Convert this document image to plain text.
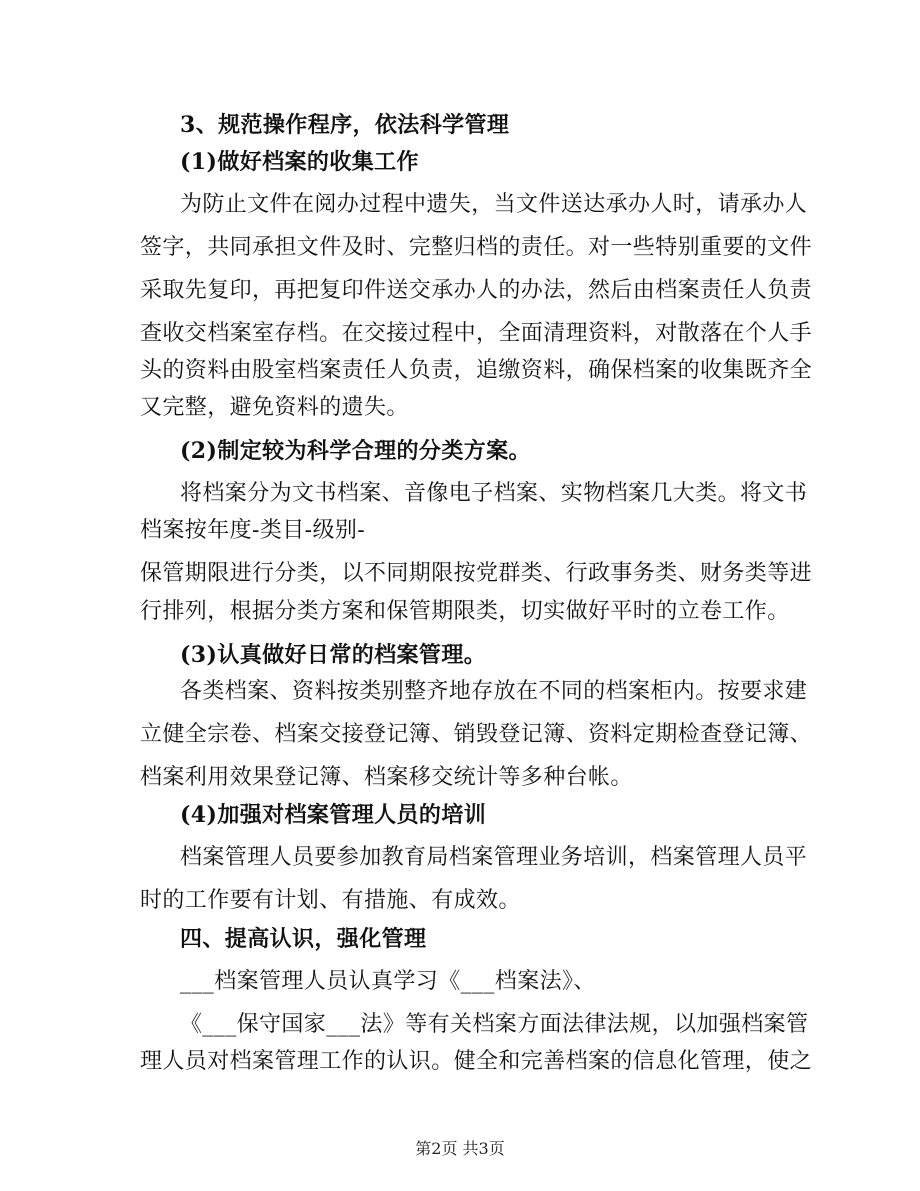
3、规范操作程序，依法科学管理
(1)做好档案的收集工作
为防止文件在阅办过程中遗失，当文件送达承办人时，请承办人
签字，共同承担文件及时、完整归档的责任。对一些特别重要的文件
采取先复印，再把复印件送交承办人的办法，然后由档案责任人负责
查收交档案室存档。在交接过程中，全面清理资料，对散落在个人手
头的资料由股室档案责任人负责，追缴资料，确保档案的收集既齐全
又完整，避免资料的遗失。
(2)制定较为科学合理的分类方案。
将档案分为文书档案、音像电子档案、实物档案几大类。将文书
档案按年度-类目-级别-
保管期限进行分类，以不同期限按党群类、行政事务类、财务类等进
行排列，根据分类方案和保管期限类，切实做好平时的立卷工作。
(3)认真做好日常的档案管理。
各类档案、资料按类别整齐地存放在不同的档案柜内。按要求建
立健全宗卷、档案交接登记簿、销毁登记簿、资料定期检查登记簿、
档案利用效果登记簿、档案移交统计等多种台帐。
(4)加强对档案管理人员的培训
档案管理人员要参加教育局档案管理业务培训，档案管理人员平
时的工作要有计划、有措施、有成效。
四、提高认识，强化管理
___档案管理人员认真学习《___档案法》、
《___保守国家___法》等有关档案方面法律法规，以加强档案管
理人员对档案管理工作的认识。健全和完善档案的信息化管理，使之
第2页 共3页
